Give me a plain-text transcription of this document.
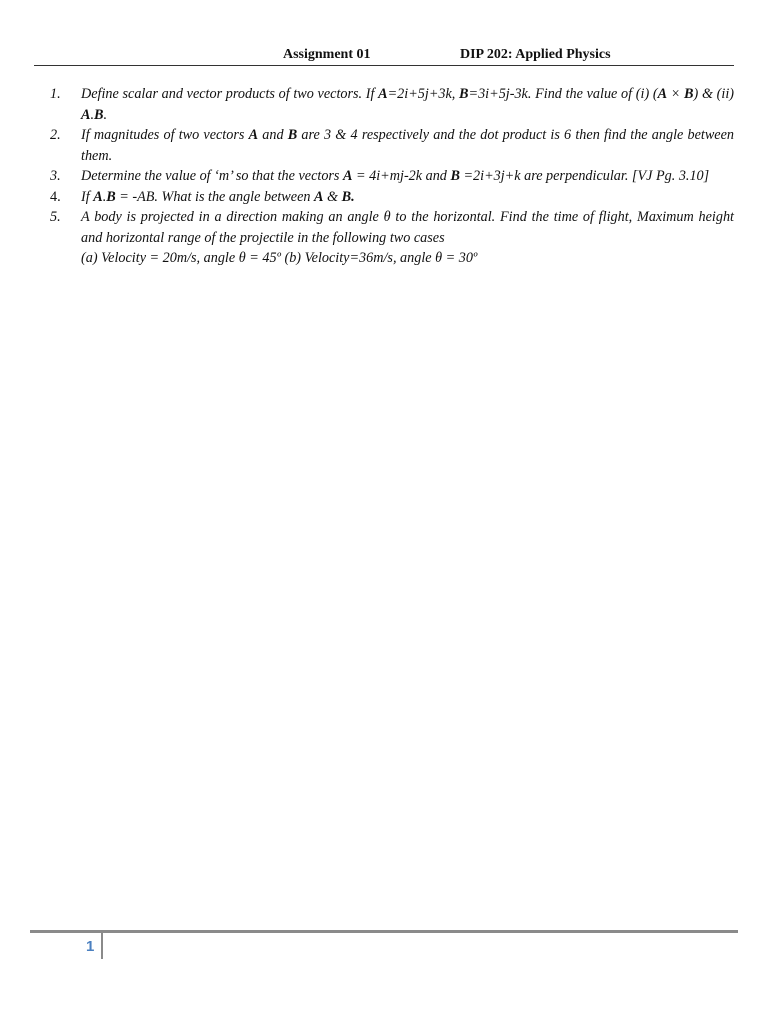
Assignment 01	DIP 202: Applied Physics
1.	Define scalar and vector products of two vectors. If A=2i+5j+3k, B=3i+5j-3k. Find the value of (i) (A × B) & (ii) A.B.
2.	If magnitudes of two vectors A and B are 3 & 4 respectively and the dot product is 6 then find the angle between them.
3.	Determine the value of ‘m’ so that the vectors A = 4i+mj-2k and B =2i+3j+k are perpendicular. [VJ Pg. 3.10]
4.	If A.B = -AB. What is the angle between A & B.
5.	A body is projected in a direction making an angle θ to the horizontal. Find the time of flight, Maximum height and horizontal range of the projectile in the following two cases
(a) Velocity = 20m/s, angle θ = 45º (b) Velocity=36m/s, angle θ = 30º
1
